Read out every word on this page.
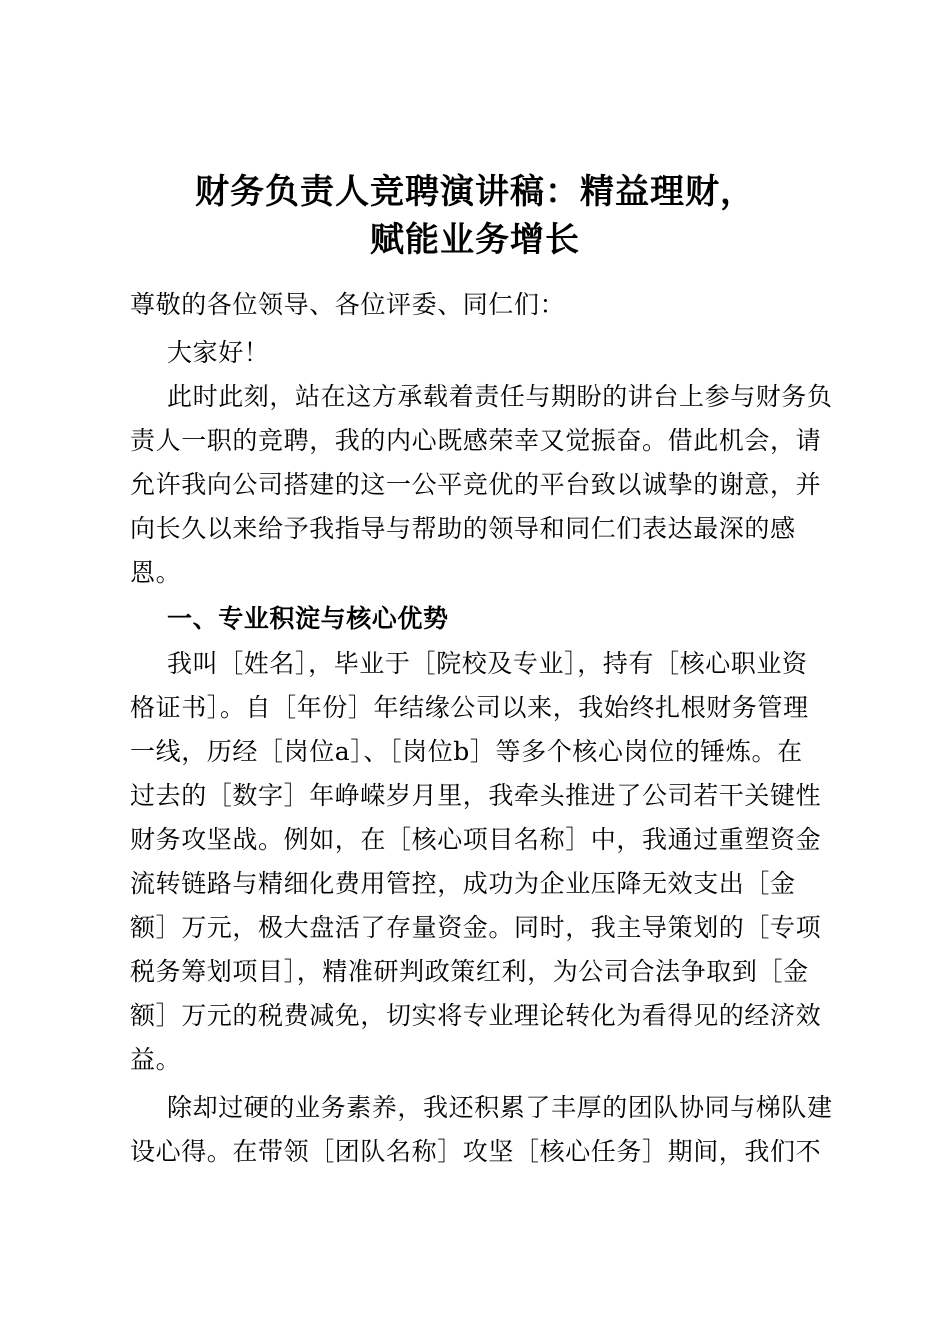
财务负责人竞聘演讲稿：精益理财，
赋能业务增长
尊敬的各位领导、各位评委、同仁们：
大家好！
此时此刻，站在这方承载着责任与期盼的讲台上参与财务负
责人一职的竞聘，我的内心既感荣幸又觉振奋。借此机会，请
允许我向公司搭建的这一公平竞优的平台致以诚挚的谢意，并
向长久以来给予我指导与帮助的领导和同仁们表达最深的感
恩。
一、专业积淀与核心优势
我叫［姓名］，毕业于［院校及专业］，持有［核心职业资
格证书］。自［年份］年结缘公司以来，我始终扎根财务管理
一线，历经［岗位a］、［岗位b］等多个核心岗位的锤炼。在
过去的［数字］年峥嵘岁月里，我牵头推进了公司若干关键性
财务攻坚战。例如，在［核心项目名称］中，我通过重塑资金
流转链路与精细化费用管控，成功为企业压降无效支出［金
额］万元，极大盘活了存量资金。同时，我主导策划的［专项
税务筹划项目］，精准研判政策红利，为公司合法争取到［金
额］万元的税费减免，切实将专业理论转化为看得见的经济效
益。
除却过硬的业务素养，我还积累了丰厚的团队协同与梯队建
设心得。在带领［团队名称］攻坚［核心任务］期间，我们不
